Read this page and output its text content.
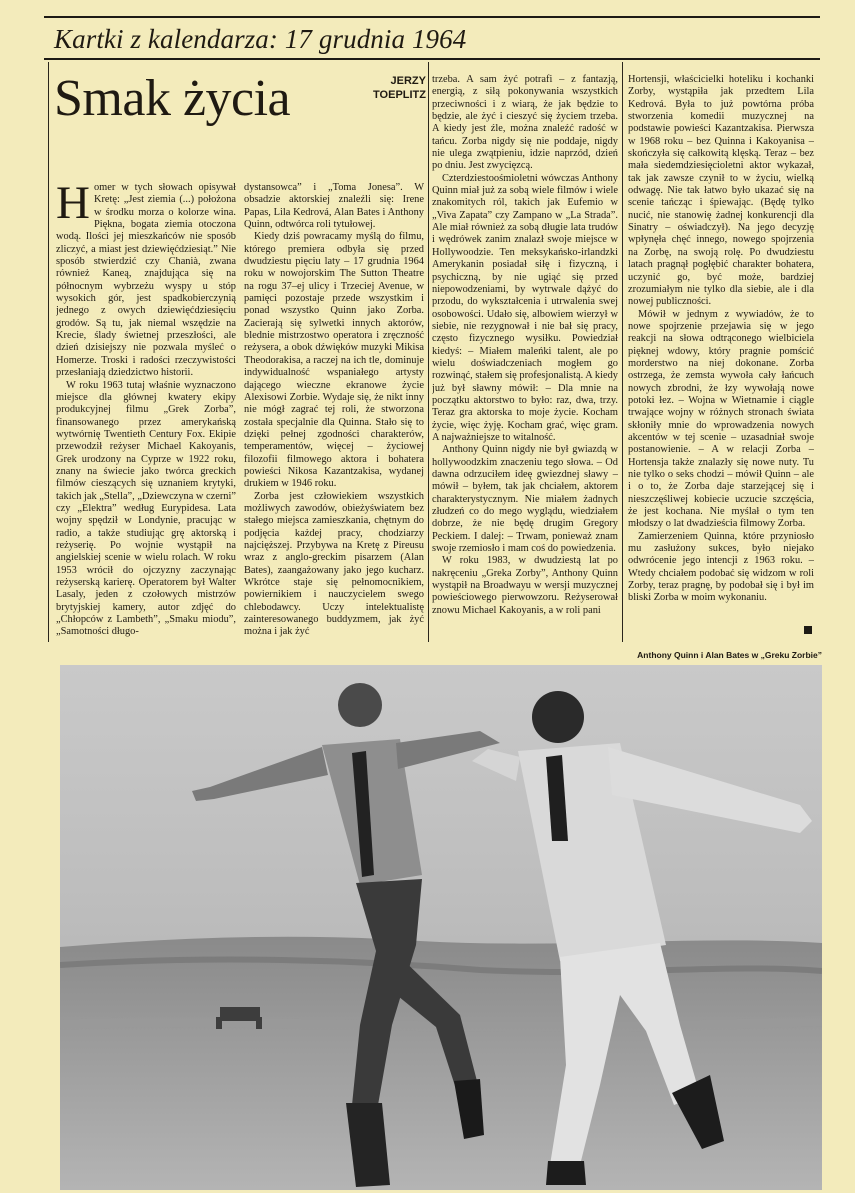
Kartki z kalendarza: 17 grudnia 1964
Smak życia	JERZY
TOEPLITZ

Homer w tych słowach opisywał Kretę: „Jest ziemia (...) położona w środku morza o kolorze wina. Piękna, bogata ziemia otoczona wodą. Ilości jej mieszkańców nie sposób zliczyć, a miast jest dziewięćdziesiąt.” Nie sposób stwierdzić czy Chanià, zwana również Kaneą, znajdująca się na północnym wybrzeżu wyspy u stóp wysokich gór, jest spadkobierczynią jednego z owych dziewięćdziesięciu grodów. Są tu, jak niemal wszędzie na Krecie, ślady świetnej przeszłości, ale dzień dzisiejszy nie pozwala myśleć o Homerze. Troski i radości rzeczywistości przesłaniają dziedzictwo historii.

W roku 1963 tutaj właśnie wyznaczono miejsce dla głównej kwatery ekipy produkcyjnej filmu „Grek Zorba”, finansowanego przez amerykańską wytwórnię Twentieth Century Fox. Ekipie przewodził reżyser Michael Kakoyanis, Grek urodzony na Cyprze w 1922 roku, znany na świecie jako twórca greckich filmów cieszących się uznaniem krytyki, takich jak „Stella”, „Dziewczyna w czerni” czy „Elektra” według Eurypidesa. Lata wojny spędził w Londynie, pracując w radio, a także studiując grę aktorską i reżyserię. Po wojnie wystąpił na angielskiej scenie w wielu rolach. W roku 1953 wrócił do ojczyzny zaczynając reżyserską karierę. Operatorem był Walter Lasaly, jeden z czołowych mistrzów brytyjskiej kamery, autor zdjęć do „Chłopców z Lambeth”, „Smaku miodu”, „Samotności długo-

dystansowca” i „Toma Jonesa”. W obsadzie aktorskiej znaleźli się: Irene Papas, Lila Kedrová, Alan Bates i Anthony Quinn, odtwórca roli tytułowej.

Kiedy dziś powracamy myślą do filmu, którego premiera odbyła się przed dwudziestu pięciu laty – 17 grudnia 1964 roku w nowojorskim The Sutton Theatre na rogu 37–ej ulicy i Trzeciej Avenue, w pamięci pozostaje przede wszystkim i ponad wszystko Quinn jako Zorba. Zacierają się sylwetki innych aktorów, blednie mistrzostwo operatora i zręczność reżysera, a obok dźwięków muzyki Mikisa Theodorakisa, a raczej na ich tle, dominuje indywidualność wspaniałego artysty dającego wieczne ekranowe życie Alexisowi Zorbie. Wydaje się, że nikt inny nie mógł zagrać tej roli, że stworzona została specjalnie dla Quinna. Stało się to dzięki pełnej zgodności charakterów, temperamentów, więcej – życiowej filozofii filmowego aktora i bohatera powieści Nikosa Kazantzakisa, wydanej drukiem w 1946 roku.

Zorba jest człowiekiem wszystkich możliwych zawodów, obieżyświatem bez stałego miejsca zamieszkania, chętnym do podjęcia każdej pracy, chodziarzy najcięższej. Przybywa na Kretę z Pireusu wraz z anglo-greckim pisarzem (Alan Bates), zaangażowany jako jego kucharz. Wkrótce staje się pełnomocnikiem, powiernikiem i nauczycielem swego chlebodawcy. Uczy intelektualistę zainteresowanego buddyzmem, jak żyć można i jak żyć

trzeba. A sam żyć potrafi – z fantazją, energią, z siłą pokonywania wszystkich przeciwności i z wiarą, że jak będzie to będzie, ale żyć i cieszyć się życiem trzeba. A kiedy jest źle, można znaleźć radość w tańcu. Zorba nigdy się nie poddaje, nigdy nie ulega zwątpieniu, idzie naprzód, dzień po dniu. Jest zwycięzcą.

Czterdziestoośmioletni wówczas Anthony Quinn miał już za sobą wiele filmów i wiele znakomitych ról, takich jak Eufemio w „Viva Zapata” czy Zampano w „La Strada”. Ale miał również za sobą długie lata trudów i wędrówek zanim znalazł swoje miejsce w Hollywoodzie. Ten meksykańsko-irlandzki Amerykanin posiadał siłę i fizyczną, i psychiczną, by nie ugiąć się przed niepowodzeniami, by wytrwale dążyć do przodu, do wykształcenia i utrwalenia swej osobowości. Udało się, albowiem wierzył w siebie, nie rezygnował i nie bał się pracy, często fizycznego wysiłku. Powiedział kiedyś: – Miałem maleńki talent, ale po wielu doświadczeniach mogłem go rozwinąć, stałem się profesjonalistą. A kiedy już był sławny mówił: – Dla mnie na początku aktorstwo to było: raz, dwa, trzy. Teraz gra aktorska to moje życie. Kocham życie, więc żyję. Kocham grać, więc gram. A najważniejsze to witalność.

Anthony Quinn nigdy nie był gwiazdą w hollywoodzkim znaczeniu tego słowa. – Od dawna odrzuciłem ideę gwiezdnej sławy – mówił – byłem, tak jak chciałem, aktorem charakterystycznym. Nie miałem żadnych złudzeń co do mego wyglądu, wiedziałem dobrze, że nie będę drugim Gregory Peckiem. I dalej: – Trwam, ponieważ znam swoje rzemiosło i mam coś do powiedzenia.

W roku 1983, w dwudziestą lat po nakręceniu „Greka Zorby”, Anthony Quinn wystąpił na Broadwayu w wersji muzycznej powieściowego pierwowzoru. Reżyserował znowu Michael Kakoyanis, a w roli pani

Hortensji, właścicielki hoteliku i kochanki Zorby, wystąpiła jak przedtem Lila Kedrová. Była to już powtórna próba stworzenia komedii muzycznej na podstawie powieści Kazantzakisa. Pierwsza w 1968 roku – bez Quinna i Kakoyanisa – skończyła się całkowitą klęską. Teraz – bez mała siedemdziesięcioletni aktor wykazał, tak jak zawsze czynił to w życiu, wielką odwagę. Nie tak łatwo było ukazać się na scenie tańcząc i śpiewając. (Będę tylko nucić, nie stanowię żadnej konkurencji dla Sinatry – oświadczył). Na jego decyzję wpłynęła chęć innego, nowego spojrzenia na Zorbę, na swoją rolę. Po dwudziestu latach pragnął pogłębić charakter bohatera, uczynić go, być może, bardziej zrozumiałym nie tylko dla siebie, ale i dla nowej publiczności.

Mówił w jednym z wywiadów, że to nowe spojrzenie przejawia się w jego reakcji na słowa odtrąconego wielbiciela pięknej wdowy, który pragnie pomścić morderstwo na niej dokonane. Zorba ostrzega, że zemsta wywoła cały łańcuch nowych zbrodni, że łzy wywołają nowe potoki łez. – Wojna w Wietnamie i ciągle trwające wojny w różnych stronach świata skłoniły mnie do wprowadzenia nowych akcentów w tej scenie – uzasadniał swoje postanowienie. – A w relacji Zorba – Hortensja także znalazły się nowe nuty. Tu nie tylko o seks chodzi – mówił Quinn – ale i o to, że Zorba daje starzejącej się i nieszczęśliwej kobiecie uczucie szczęścia, że jest kochana. Nie myślał o tym ten młodszy o lat dwadzieścia filmowy Zorba.

Zamierzeniem Quinna, które przyniosło mu zasłużony sukces, było niejako odwrócenie jego intencji z 1963 roku. – Wtedy chciałem podobać się widzom w roli Zorby, teraz pragnę, by podobał się i był im bliski Zorba w moim wykonaniu.

Anthony Quinn i Alan Bates w „Greku Zorbie”
